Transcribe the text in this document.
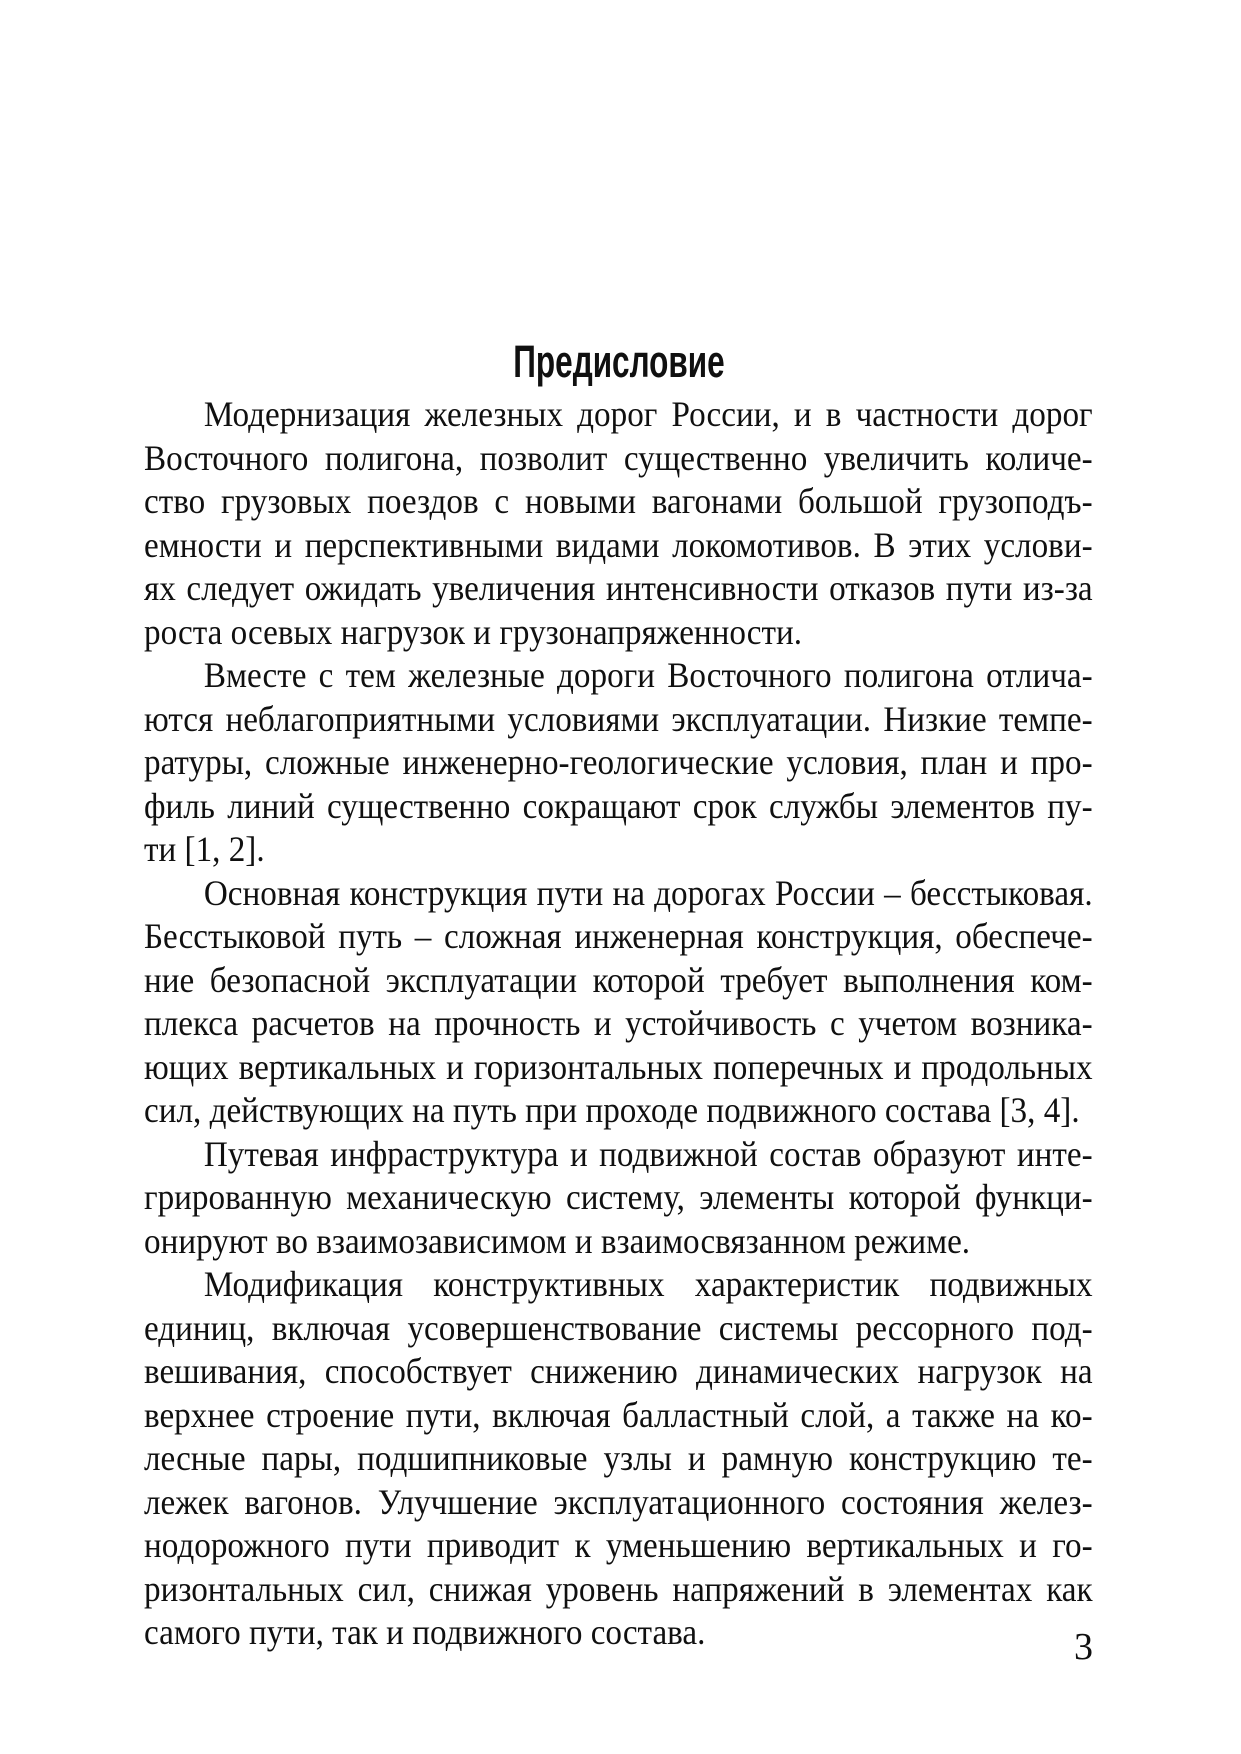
Предисловие
Модернизация железных дорог России, и в частности дорог
Восточного полигона, позволит существенно увеличить количе-
ство грузовых поездов с новыми вагонами большой грузоподъ-
емности и перспективными видами локомотивов. В этих услови-
ях следует ожидать увеличения интенсивности отказов пути из-за
роста осевых нагрузок и грузонапряженности.
Вместе с тем железные дороги Восточного полигона отлича-
ются неблагоприятными условиями эксплуатации. Низкие темпе-
ратуры, сложные инженерно-геологические условия, план и про-
филь линий существенно сокращают срок службы элементов пу-
ти [1, 2].
Основная конструкция пути на дорогах России – бесстыковая.
Бесстыковой путь – сложная инженерная конструкция, обеспече-
ние безопасной эксплуатации которой требует выполнения ком-
плекса расчетов на прочность и устойчивость с учетом возника-
ющих вертикальных и горизонтальных поперечных и продольных
сил, действующих на путь при проходе подвижного состава [3, 4].
Путевая инфраструктура и подвижной состав образуют инте-
грированную механическую систему, элементы которой функци-
онируют во взаимозависимом и взаимосвязанном режиме.
Модификация конструктивных характеристик подвижных
единиц, включая усовершенствование системы рессорного под-
вешивания, способствует снижению динамических нагрузок на
верхнее строение пути, включая балластный слой, а также на ко-
лесные пары, подшипниковые узлы и рамную конструкцию те-
лежек вагонов. Улучшение эксплуатационного состояния желез-
нодорожного пути приводит к уменьшению вертикальных и го-
ризонтальных сил, снижая уровень напряжений в элементах как
самого пути, так и подвижного состава.	3
